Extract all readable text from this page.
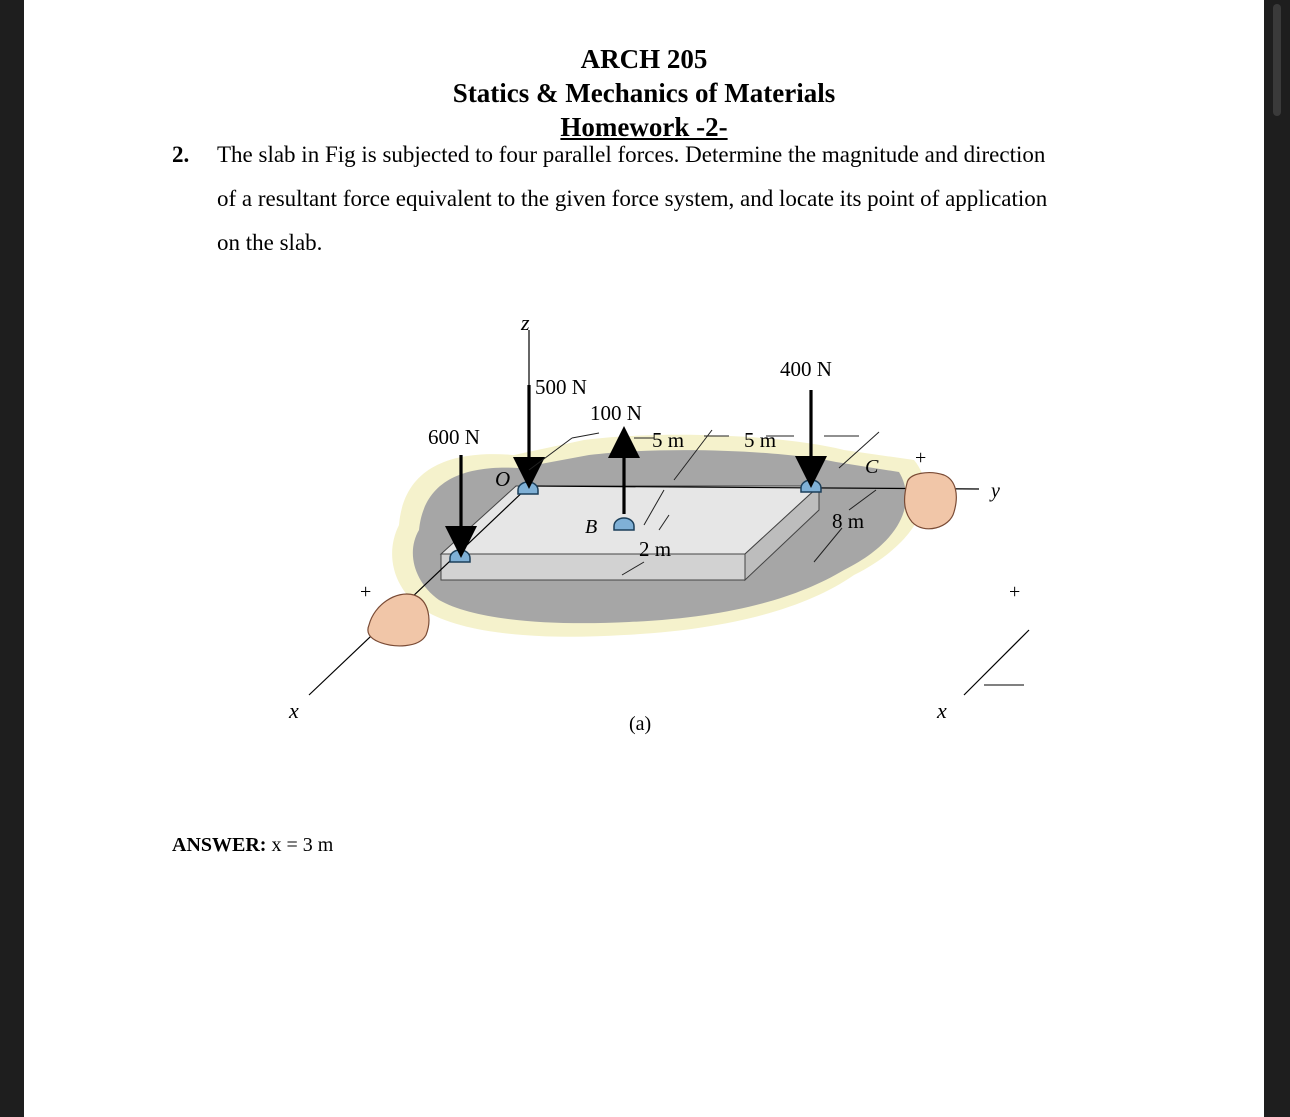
ARCH 205
Statics & Mechanics of Materials
Homework -2-
2. The slab in Fig is subjected to four parallel forces. Determine the magnitude and direction
of a resultant force equivalent to the given force system, and locate its point of application
on the slab.
z
x
y
x
O
B
C
500 N
100 N
600 N
400 N
5 m	5 m
8 m
2 m
+
+
+
(a)
ANSWER: x = 3 m
